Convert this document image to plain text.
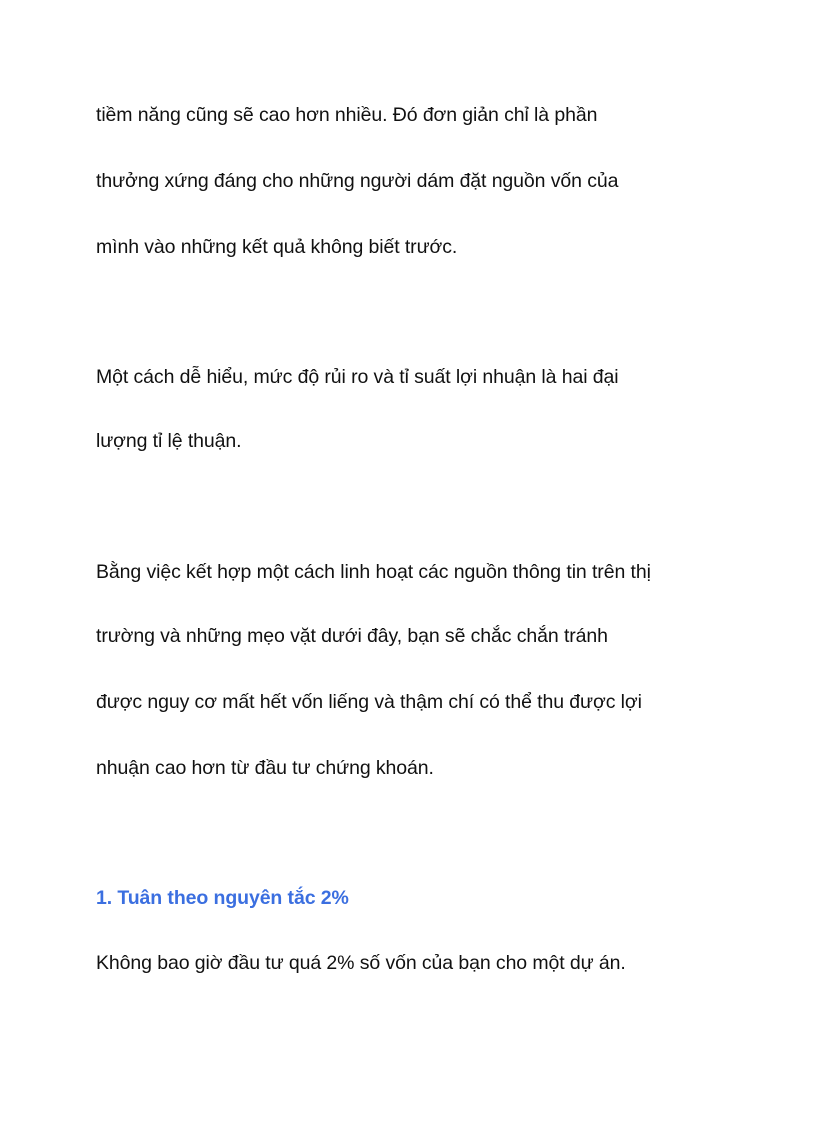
tiềm năng cũng sẽ cao hơn nhiều. Đó đơn giản chỉ là phần

thưởng xứng đáng cho những người dám đặt nguồn vốn của

mình vào những kết quả không biết trước.

Một cách dễ hiểu, mức độ rủi ro và tỉ suất lợi nhuận là hai đại

lượng tỉ lệ thuận.

Bằng việc kết hợp một cách linh hoạt các nguồn thông tin trên thị

trường và những mẹo vặt dưới đây, bạn sẽ chắc chắn tránh

được nguy cơ mất hết vốn liếng và thậm chí có thể thu được lợi

nhuận cao hơn từ đầu tư chứng khoán.

1. Tuân theo nguyên tắc 2%

Không bao giờ đầu tư quá 2% số vốn của bạn cho một dự án.
